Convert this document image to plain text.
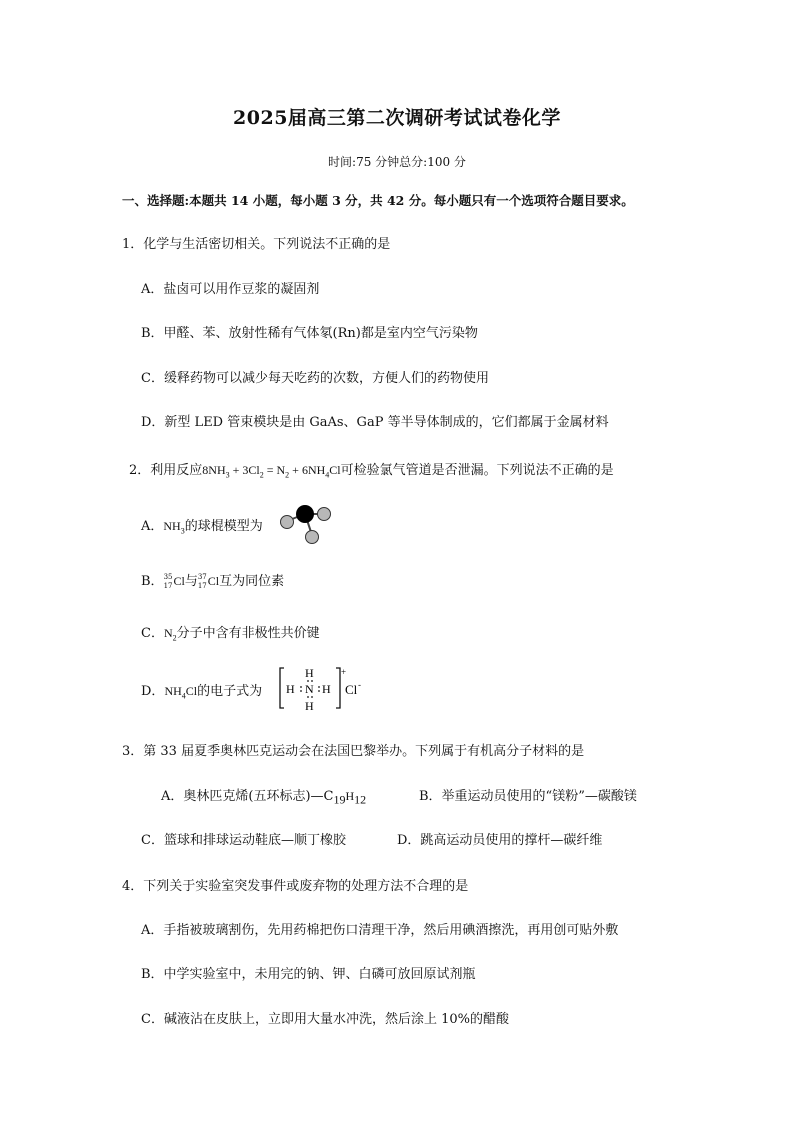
2025届高三第二次调研考试试卷化学
时间:75 分钟总分:100 分
一、选择题:本题共 14 小题，每小题 3 分，共 42 分。每小题只有一个选项符合题目要求。
1．化学与生活密切相关。下列说法不正确的是
A．盐卤可以用作豆浆的凝固剂
B．甲醛、苯、放射性稀有气体氡(Rn)都是室内空气污染物
C．缓释药物可以减少每天吃药的次数，方便人们的药物使用
D．新型 LED 管束模块是由 GaAs、GaP 等半导体制成的，它们都属于金属材料
2．利用反应$8NH_3 + 3Cl_2 = N_2 + 6NH_4Cl$可检验氯气管道是否泄漏。下列说法不正确的是
A．$NH_3$的球棍模型为
B． 35
17 Cl与 37
17 Cl互为同位素
C．$N_2$分子中含有非极性共价键
D．$NH_4Cl$的电子式为
H
H N H
H
+
Cl -
3．第 33 届夏季奥林匹克运动会在法国巴黎举办。下列属于有机高分子材料的是
A．奥林匹克烯(五环标志)$—C_{19}H_{12}$	B．举重运动员使用的“镁粉”—碳酸镁
C．篮球和排球运动鞋底—顺丁橡胶	D．跳高运动员使用的撑杆—碳纤维
4．下列关于实验室突发事件或废弃物的处理方法不合理的是
A．手指被玻璃割伤，先用药棉把伤口清理干净，然后用碘酒擦洗，再用创可贴外敷
B．中学实验室中，未用完的钠、钾、白磷可放回原试剂瓶
C．碱液沾在皮肤上，立即用大量水冲洗，然后涂上 10%的醋酸
